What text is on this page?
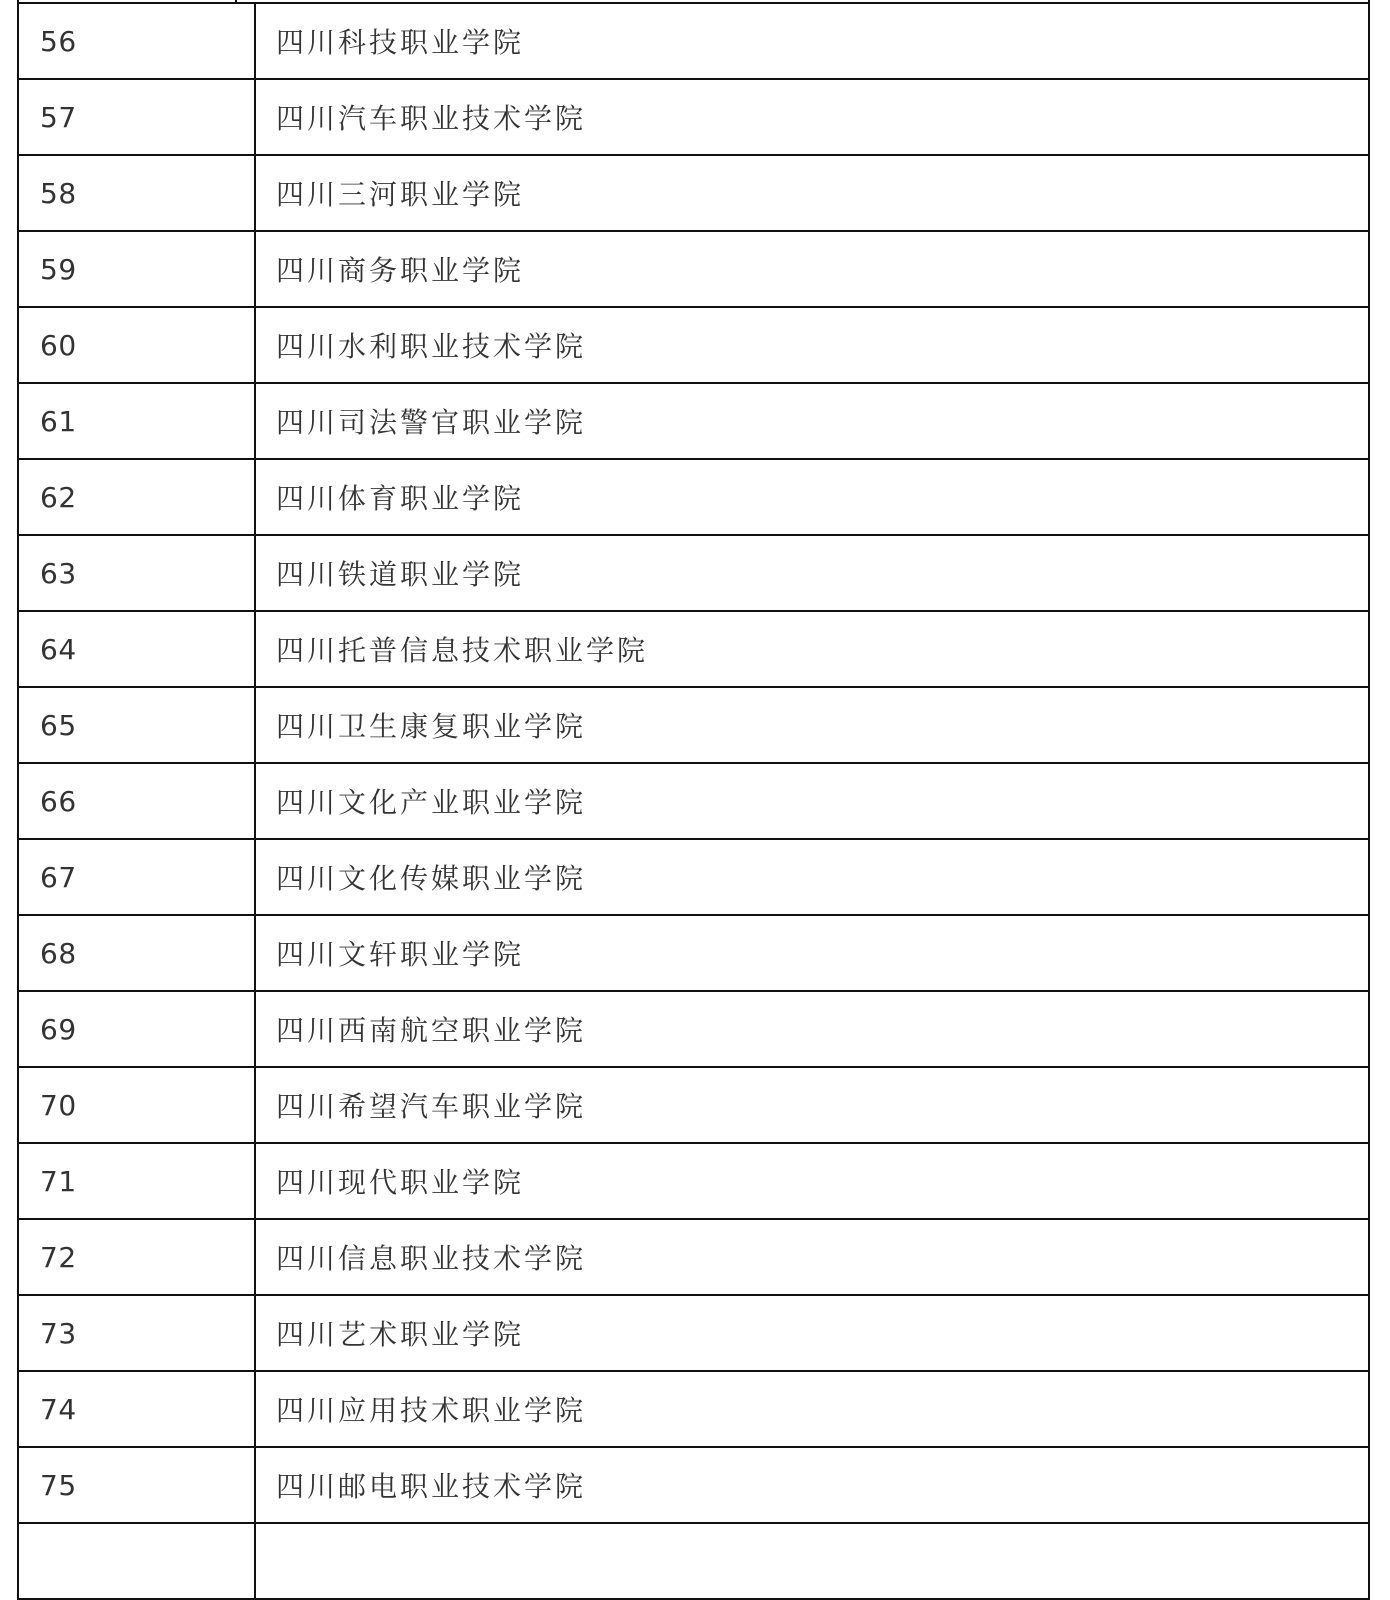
56	四川科技职业学院
57	四川汽车职业技术学院
58	四川三河职业学院
59	四川商务职业学院
60	四川水利职业技术学院
61	四川司法警官职业学院
62	四川体育职业学院
63	四川铁道职业学院
64	四川托普信息技术职业学院
65	四川卫生康复职业学院
66	四川文化产业职业学院
67	四川文化传媒职业学院
68	四川文轩职业学院
69	四川西南航空职业学院
70	四川希望汽车职业学院
71	四川现代职业学院
72	四川信息职业技术学院
73	四川艺术职业学院
74	四川应用技术职业学院
75	四川邮电职业技术学院
